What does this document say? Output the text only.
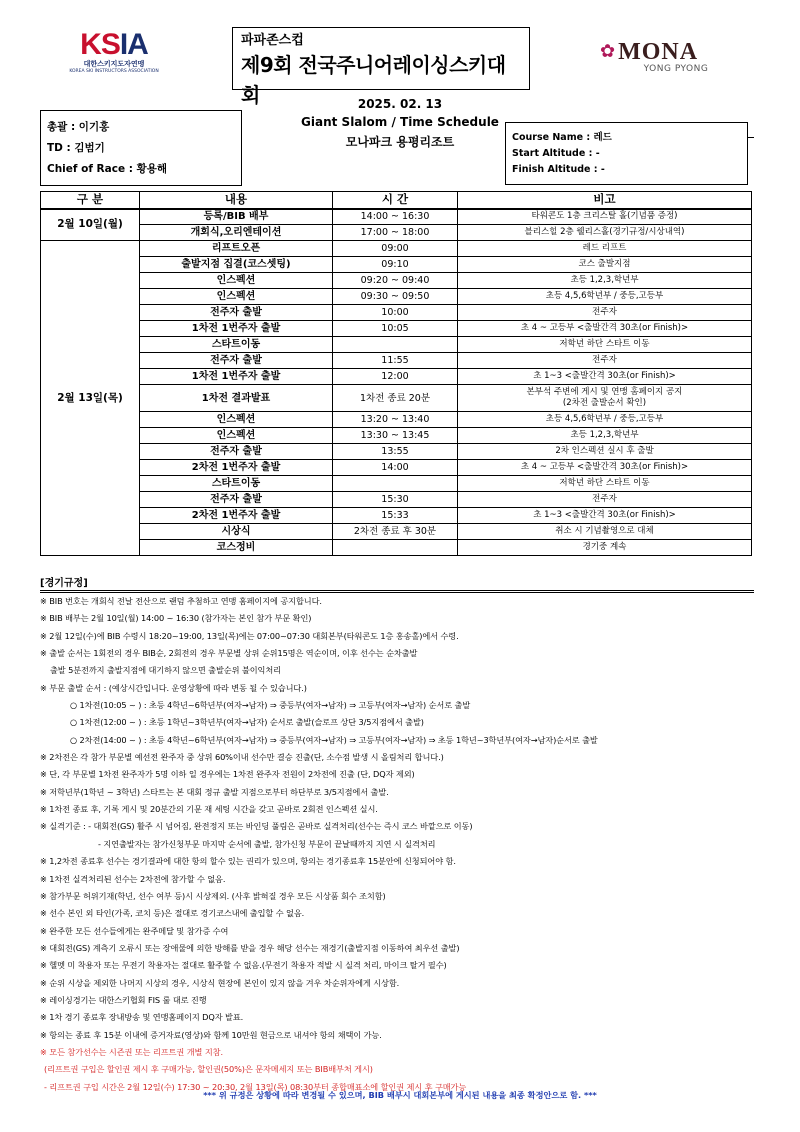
KSIA
대한스키지도자연맹
KOREA SKI INSTRUCTORS ASSOCIATION
파파존스컵
제9회 전국주니어레이싱스키대회
✿ MONA
YONG PYONG
2025. 02. 13
Giant Slalom / Time Schedule
모나파크 용평리조트
총괄 : 이기홍
TD : 김범기
Chief of Race : 황용해
Course Name : 레드
Start Altitude : -
Finish Altitude : -
구 분	내용	시 간	비고
2월 10일(월)	등록/BIB 배부	14:00 ~ 16:30	타워콘도 1층 크리스탈 홀(기념품 증정)
	개회식,오리엔테이션	17:00 ~ 18:00	블리스힐 2층 웰리스홀(경기규정/시상내역)
2월 13일(목)	리프트오픈	09:00	레드 리프트

	출발지점 집결(코스셋팅)	09:10	코스 출발지점

	인스펙션	09:20 ~ 09:40	초등 1,2,3,학년부

	인스펙션	09:30 ~ 09:50	초등 4,5,6학년부 / 중등,고등부

	전주자 출발	10:00	전주자

	1차전 1번주자 출발	10:05	초 4 ~ 고등부 <출발간격 30초(or Finish)>

	스타트이동		저학년 하단 스타트 이동

	전주자 출발	11:55	전주자

	1차전 1번주자 출발	12:00	초 1~3 <출발간격 30초(or Finish)>

	1차전 결과발표	1차전 종료 20분	본부석 주변에 게시 및 연맹 홈페이지 공지
(2차전 출발순서 확인)

	인스펙션	13:20 ~ 13:40	초등 4,5,6학년부 / 중등,고등부

	인스펙션	13:30 ~ 13:45	초등 1,2,3,학년부

	전주자 출발	13:55	2차 인스펙션 실시 후 출발

	2차전 1번주자 출발	14:00	초 4 ~ 고등부 <출발간격 30초(or Finish)>

	스타트이동		저학년 하단 스타트 이동

	전주자 출발	15:30	전주자

	2차전 1번주자 출발	15:33	초 1~3 <출발간격 30초(or Finish)>

	시상식	2차전 종료 후 30분	취소 시 기념촬영으로 대체

	코스정비		경기중 계속
[경기규정]
※ BIB 번호는 개회식 전날 전산으로 랜덤 추첨하고 연맹 홈페이지에 공지합니다.
※ BIB 배부는 2월 10일(월) 14:00 ~ 16:30 (참가자는 본인 참가 부문 확인)
※ 2월 12일(수)에 BIB 수령시 18:20~19:00, 13일(목)에는 07:00~07:30 대회본부(타워콘도 1층 홍송홀)에서 수령.
※ 출발 순서는 1회전의 경우 BIB순, 2회전의 경우 부문별 상위 순위15명은 역순이며, 이후 선수는 순차출발
출발 5분전까지 출발지점에 대기하지 않으면 출발순위 불이익처리
※ 부문 출발 순서 : (예상시간입니다. 운영상황에 따라 변동 될 수 있습니다.)
○ 1차전(10:05 ~ ) : 초등 4학년~6학년부(여자→남자) ⇒ 중등부(여자→남자) ⇒ 고등부(여자→남자) 순서로 출발
○ 1차전(12:00 ~ ) : 초등 1학년~3학년부(여자→남자) 순서로 출발(슬로프 상단 3/5지점에서 출발)
○ 2차전(14:00 ~ ) : 초등 4학년~6학년부(여자→남자) ⇒ 중등부(여자→남자) ⇒ 고등부(여자→남자) ⇒ 초등 1학년~3학년부(여자→남자)순서로 출발
※ 2차전은 각 참가 부문별 예선전 완주자 중 상위 60%이내 선수만 결승 진출(단, 소수점 발생 시 올림처리 합니다.)
※ 단, 각 부문별 1차전 완주자가 5명 이하 일 경우에는 1차전 완주자 전원이 2차전에 진출 (단, DQ자 제외)
※ 저학년부(1학년 ~ 3학년) 스타트는 본 대회 정규 출발 지점으로부터 하단부로 3/5지점에서 출발.
※ 1차전 종료 후, 기록 게시 및 20분간의 기문 재 세팅 시간을 갖고 곧바로 2회전 인스펙션 실시.
※ 실격기준 : - 대회전(GS) 활주 시 넘어짐, 완전정지 또는 바인딩 풀림은 곧바로 실격처리(선수는 즉시 코스 바깥으로 이동)
- 지연출발자는 참가신청부문 마지막 순서에 출발, 참가신청 부문이 끝날때까지 지연 시 실격처리
※ 1,2차전 종료후 선수는 경기결과에 대한 항의 할수 있는 권리가 있으며, 항의는 경기종료후 15분안에 신청되어야 함.
※ 1차전 실격처리된 선수는 2차전에 참가할 수 없음.
※ 참가부문 허위기재(학년, 선수 여부 등)시 시상제외. (사후 밝혀질 경우 모든 시상품 회수 조치함)
※ 선수 본인 외 타인(가족, 코치 등)은 절대로 경기코스내에 출입할 수 없음.
※ 완주한 모든 선수들에게는 완주메달 및 참가증 수여
※ 대회전(GS) 계측기 오류시 또는 장애물에 의한 방해를 받을 경우 해당 선수는 재경기(출발지점 이동하여 최우선 출발)
※ 헬멧 미 착용자 또는 무전기 착용자는 절대로 활주할 수 없음.(무전기 착용자 적발 시 실격 처리, 마이크 탈거 필수)
※ 순위 시상을 제외한 나머지 시상의 경우, 시상식 현장에 본인이 있지 않을 겨우 차순위자에게 시상함.
※ 레이싱경기는 대한스키협회 FIS 룰 대로 진행
※ 1차 경기 종료후 장내방송 및 연맹홈페이지 DQ자 발표.
※ 항의는 종료 후 15분 이내에 증거자료(영상)와 함께 10만원 현금으로 내셔야 항의 채택이 가능.
※ 모든 참가선수는 시즌권 또는 리프트권 개별 지참.
(리프트권 구입은 할인권 제시 후 구매가능, 할인권(50%)은 문자메세지 또는 BIB배부처 게시)
- 리프트권 구입 시간은 2월 12일(수) 17:30 ~ 20:30, 2월 13일(목) 08:30부터 종합매표소에 할인권 제시 후 구매가능
*** 위 규정은 상황에 따라 변경될 수 있으며, BIB 배부시 대회본부에 게시된 내용을 최종 확정안으로 함. ***
